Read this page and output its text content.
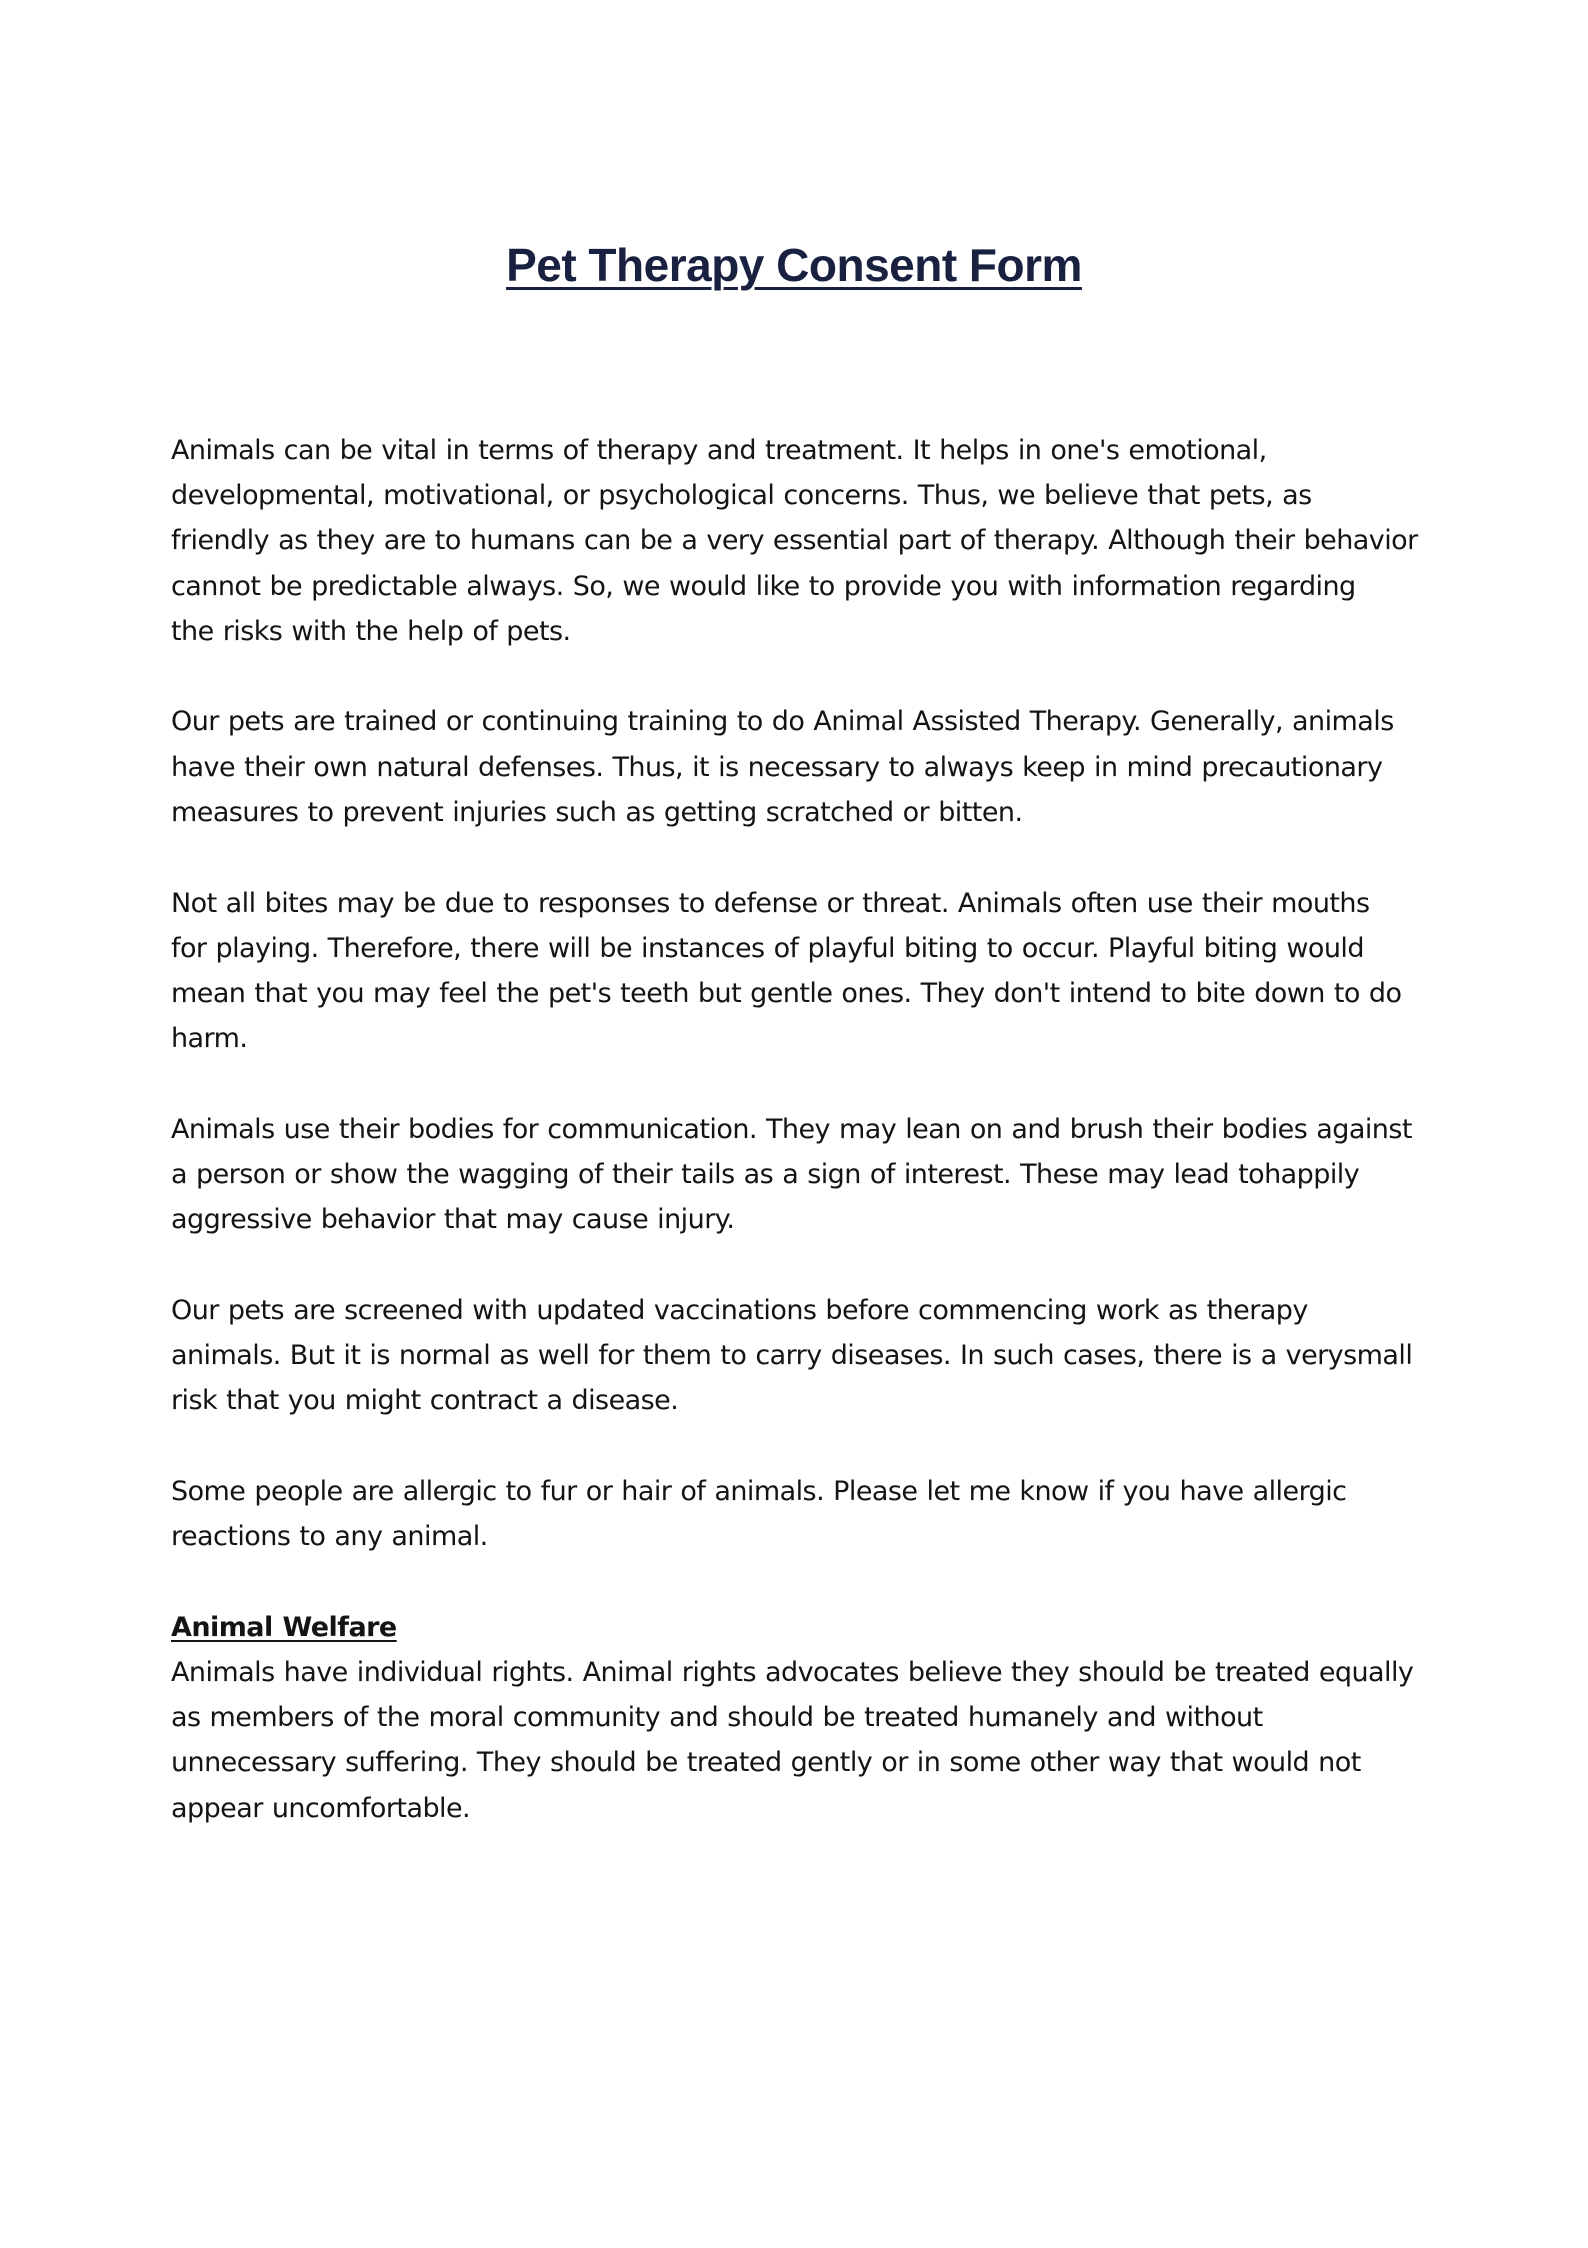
Pet Therapy Consent Form
Animals can be vital in terms of therapy and treatment. It helps in one's emotional,
developmental, motivational, or psychological concerns. Thus, we believe that pets, as
friendly as they are to humans can be a very essential part of therapy. Although their behavior
cannot be predictable always. So, we would like to provide you with information regarding
the risks with the help of pets.
Our pets are trained or continuing training to do Animal Assisted Therapy. Generally, animals
have their own natural defenses. Thus, it is necessary to always keep in mind precautionary
measures to prevent injuries such as getting scratched or bitten.
Not all bites may be due to responses to defense or threat. Animals often use their mouths
for playing. Therefore, there will be instances of playful biting to occur. Playful biting would
mean that you may feel the pet's teeth but gentle ones. They don't intend to bite down to do
harm.
Animals use their bodies for communication. They may lean on and brush their bodies against
a person or show the wagging of their tails as a sign of interest. These may lead tohappily
aggressive behavior that may cause injury.
Our pets are screened with updated vaccinations before commencing work as therapy
animals. But it is normal as well for them to carry diseases. In such cases, there is a verysmall
risk that you might contract a disease.
Some people are allergic to fur or hair of animals. Please let me know if you have allergic
reactions to any animal.
Animal Welfare
Animals have individual rights. Animal rights advocates believe they should be treated equally
as members of the moral community and should be treated humanely and without
unnecessary suffering. They should be treated gently or in some other way that would not
appear uncomfortable.
